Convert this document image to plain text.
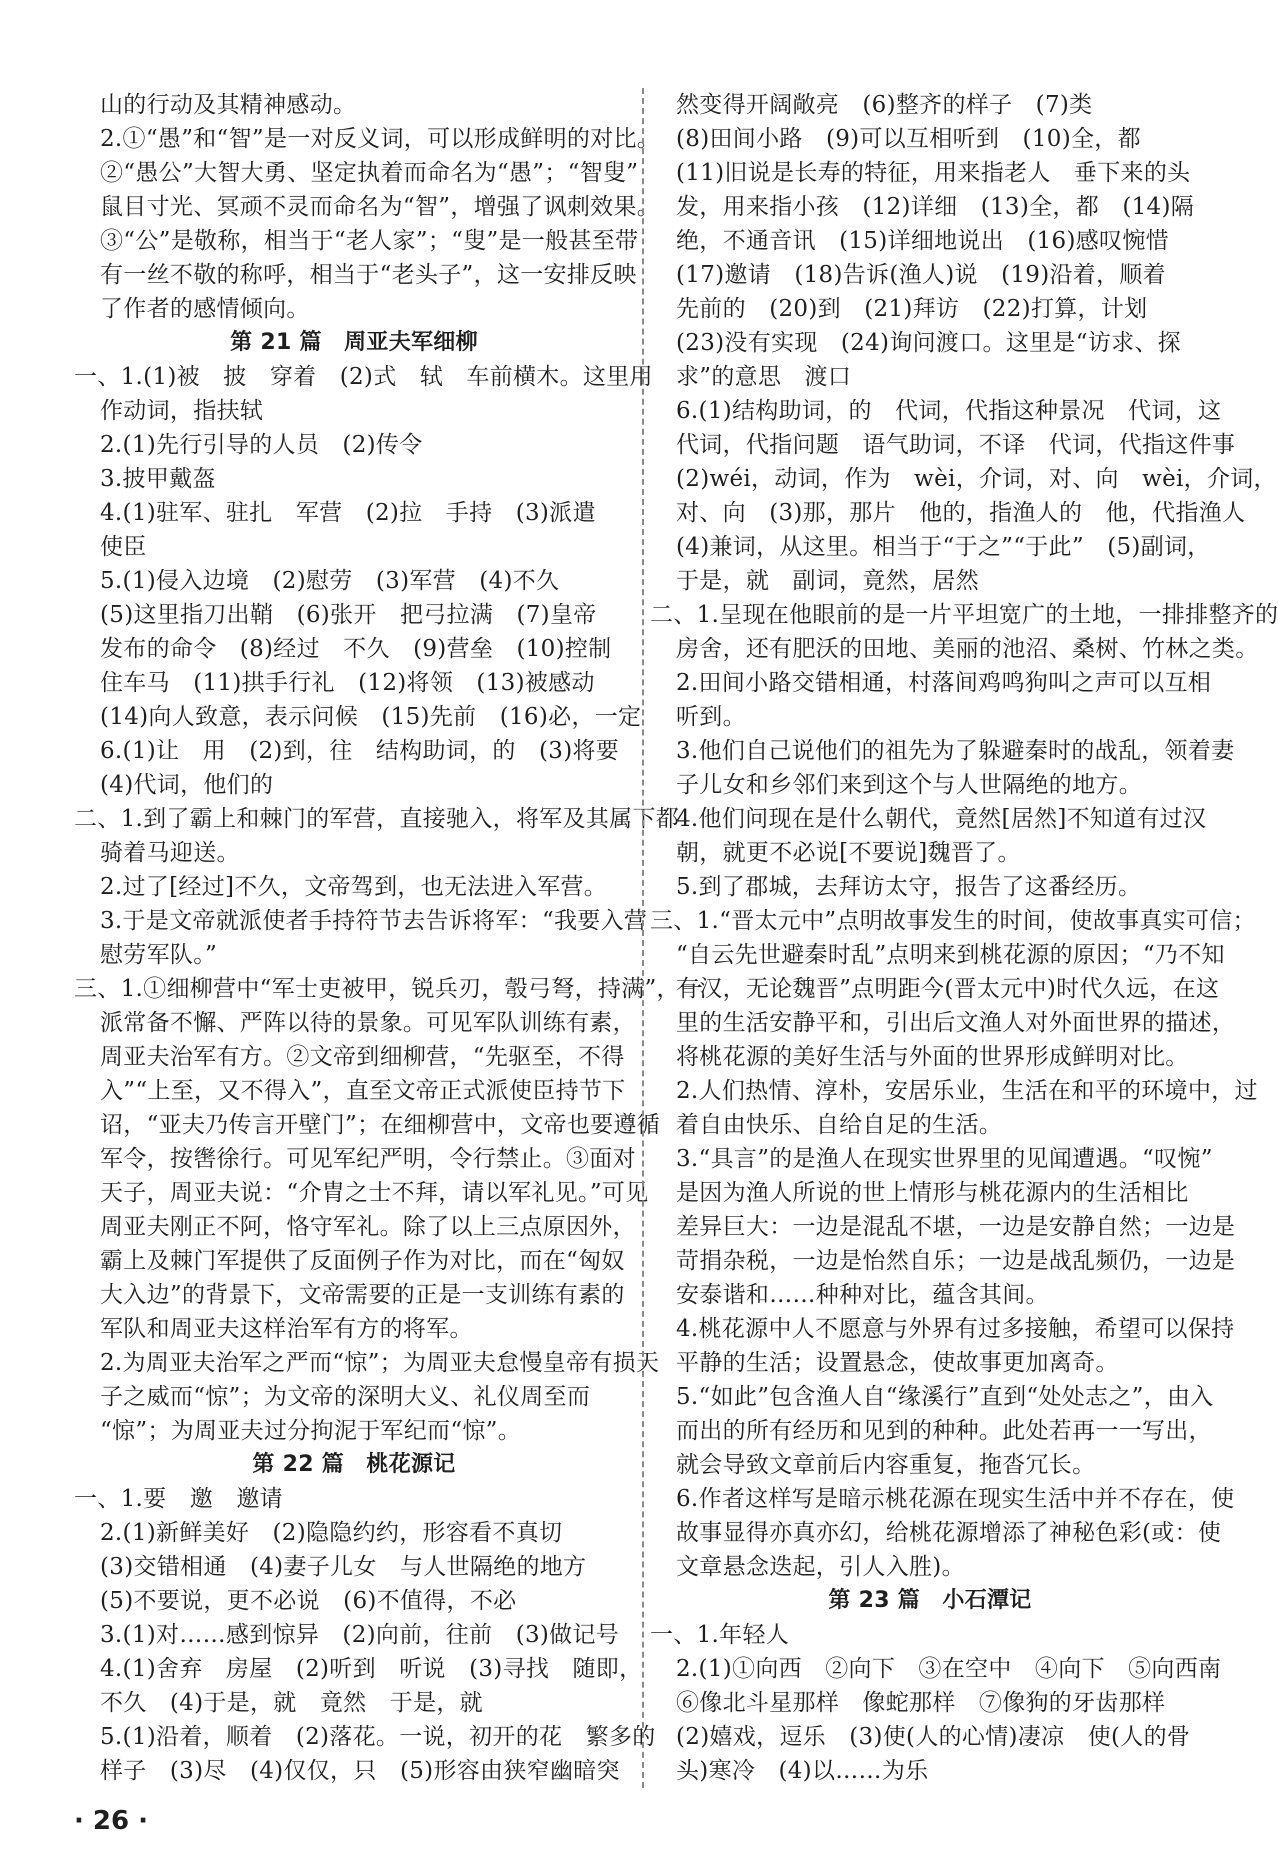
山的行动及其精神感动。
2.①“愚”和“智”是一对反义词，可以形成鲜明的对比。
②“愚公”大智大勇、坚定执着而命名为“愚”；“智叟”
鼠目寸光、冥顽不灵而命名为“智”，增强了讽刺效果。
③“公”是敬称，相当于“老人家”；“叟”是一般甚至带
有一丝不敬的称呼，相当于“老头子”，这一安排反映
了作者的感情倾向。
第 21 篇　周亚夫军细柳
一、1.(1)被　披　穿着　(2)式　轼　车前横木。这里用
作动词，指扶轼
2.(1)先行引导的人员　(2)传令
3.披甲戴盔
4.(1)驻军、驻扎　军营　(2)拉　手持　(3)派遣
使臣
5.(1)侵入边境　(2)慰劳　(3)军营　(4)不久
(5)这里指刀出鞘　(6)张开　把弓拉满　(7)皇帝
发布的命令　(8)经过　不久　(9)营垒　(10)控制
住车马　(11)拱手行礼　(12)将领　(13)被感动
(14)向人致意，表示问候　(15)先前　(16)必，一定
6.(1)让　用　(2)到，往　结构助词，的　(3)将要
(4)代词，他们的
二、1.到了霸上和棘门的军营，直接驰入，将军及其属下都
骑着马迎送。
2.过了[经过]不久，文帝驾到，也无法进入军营。
3.于是文帝就派使者手持符节去告诉将军：“我要入营
慰劳军队。”
三、1.①细柳营中“军士吏被甲，锐兵刃，彀弓弩，持满”，一
派常备不懈、严阵以待的景象。可见军队训练有素，
周亚夫治军有方。②文帝到细柳营，“先驱至，不得
入”“上至，又不得入”，直至文帝正式派使臣持节下
诏，“亚夫乃传言开壁门”；在细柳营中，文帝也要遵循
军令，按辔徐行。可见军纪严明，令行禁止。③面对
天子，周亚夫说：“介胄之士不拜，请以军礼见。”可见
周亚夫刚正不阿，恪守军礼。除了以上三点原因外，
霸上及棘门军提供了反面例子作为对比，而在“匈奴
大入边”的背景下，文帝需要的正是一支训练有素的
军队和周亚夫这样治军有方的将军。
2.为周亚夫治军之严而“惊”；为周亚夫怠慢皇帝有损天
子之威而“惊”；为文帝的深明大义、礼仪周至而
“惊”；为周亚夫过分拘泥于军纪而“惊”。
第 22 篇　桃花源记
一、1.要　邀　邀请
2.(1)新鲜美好　(2)隐隐约约，形容看不真切
(3)交错相通　(4)妻子儿女　与人世隔绝的地方
(5)不要说，更不必说　(6)不值得，不必
3.(1)对……感到惊异　(2)向前，往前　(3)做记号
4.(1)舍弃　房屋　(2)听到　听说　(3)寻找　随即，
不久　(4)于是，就　竟然　于是，就
5.(1)沿着，顺着　(2)落花。一说，初开的花　繁多的
样子　(3)尽　(4)仅仅，只　(5)形容由狭窄幽暗突
然变得开阔敞亮　(6)整齐的样子　(7)类
(8)田间小路　(9)可以互相听到　(10)全，都
(11)旧说是长寿的特征，用来指老人　垂下来的头
发，用来指小孩　(12)详细　(13)全，都　(14)隔
绝，不通音讯　(15)详细地说出　(16)感叹惋惜
(17)邀请　(18)告诉(渔人)说　(19)沿着，顺着
先前的　(20)到　(21)拜访　(22)打算，计划
(23)没有实现　(24)询问渡口。这里是“访求、探
求”的意思　渡口
6.(1)结构助词，的　代词，代指这种景况　代词，这
代词，代指问题　语气助词，不译　代词，代指这件事
(2)wéi，动词，作为　wèi，介词，对、向　wèi，介词，
对、向　(3)那，那片　他的，指渔人的　他，代指渔人
(4)兼词，从这里。相当于“于之”“于此”　(5)副词，
于是，就　副词，竟然，居然
二、1.呈现在他眼前的是一片平坦宽广的土地，一排排整齐的
房舍，还有肥沃的田地、美丽的池沼、桑树、竹林之类。
2.田间小路交错相通，村落间鸡鸣狗叫之声可以互相
听到。
3.他们自己说他们的祖先为了躲避秦时的战乱，领着妻
子儿女和乡邻们来到这个与人世隔绝的地方。
4.他们问现在是什么朝代，竟然[居然]不知道有过汉
朝，就更不必说[不要说]魏晋了。
5.到了郡城，去拜访太守，报告了这番经历。
三、1.“晋太元中”点明故事发生的时间，使故事真实可信；
“自云先世避秦时乱”点明来到桃花源的原因；“乃不知
有汉，无论魏晋”点明距今(晋太元中)时代久远，在这
里的生活安静平和，引出后文渔人对外面世界的描述，
将桃花源的美好生活与外面的世界形成鲜明对比。
2.人们热情、淳朴，安居乐业，生活在和平的环境中，过
着自由快乐、自给自足的生活。
3.“具言”的是渔人在现实世界里的见闻遭遇。“叹惋”
是因为渔人所说的世上情形与桃花源内的生活相比
差异巨大：一边是混乱不堪，一边是安静自然；一边是
苛捐杂税，一边是怡然自乐；一边是战乱频仍，一边是
安泰谐和……种种对比，蕴含其间。
4.桃花源中人不愿意与外界有过多接触，希望可以保持
平静的生活；设置悬念，使故事更加离奇。
5.“如此”包含渔人自“缘溪行”直到“处处志之”，由入
而出的所有经历和见到的种种。此处若再一一写出，
就会导致文章前后内容重复，拖沓冗长。
6.作者这样写是暗示桃花源在现实生活中并不存在，使
故事显得亦真亦幻，给桃花源增添了神秘色彩(或：使
文章悬念迭起，引人入胜)。
第 23 篇　小石潭记
一、1.年轻人
2.(1)①向西　②向下　③在空中　④向下　⑤向西南
⑥像北斗星那样　像蛇那样　⑦像狗的牙齿那样
(2)嬉戏，逗乐　(3)使(人的心情)凄凉　使(人的骨
头)寒冷　(4)以……为乐
· 26 ·
